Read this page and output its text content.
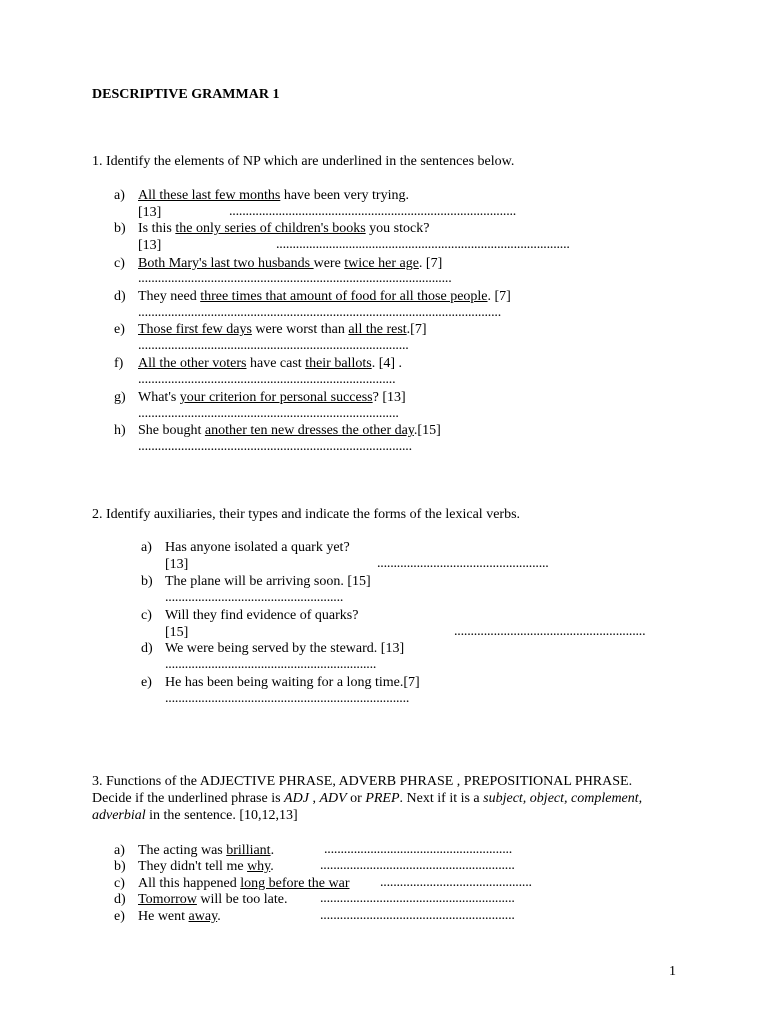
DESCRIPTIVE GRAMMAR 1
1. Identify the elements of NP which are underlined in the sentences below.
a) All these last few months have been very trying.
[13]	.......................................................................................
b) Is this the only series of children's books you stock?
[13]	.........................................................................................
c) Both Mary's last two husbands were twice her age. [7]
...............................................................................................
d) They need three times that amount of food for all those people. [7]
..............................................................................................................
e) Those first few days were worst than all the rest.[7]
..................................................................................
f) All the other voters have cast their ballots. [4] .
..............................................................................
g) What's your criterion for personal success? [13]
...............................................................................
h) She bought another ten new dresses the other day.[15]
...................................................................................
2. Identify auxiliaries, their types and indicate the forms of the lexical verbs.
a) Has anyone isolated a quark yet?
[13]	....................................................
b) The plane will be arriving soon. [15]
......................................................
c) Will they find evidence of quarks?
[15]	..........................................................
d) We were being served by the steward. [13]
................................................................
e) He has been being waiting for a long time.[7]
..........................................................................
3. Functions of the ADJECTIVE PHRASE, ADVERB PHRASE , PREPOSITIONAL PHRASE. Decide if the underlined phrase is ADJ , ADV or PREP. Next if it is a subject, object, complement, adverbial in the sentence. [10,12,13]
a) The acting was brilliant.	.........................................................
b) They didn't tell me why.	...........................................................
c) All this happened long before the war ..............................................
d) Tomorrow will be too late. ...........................................................
e) He went away.	...........................................................
1
